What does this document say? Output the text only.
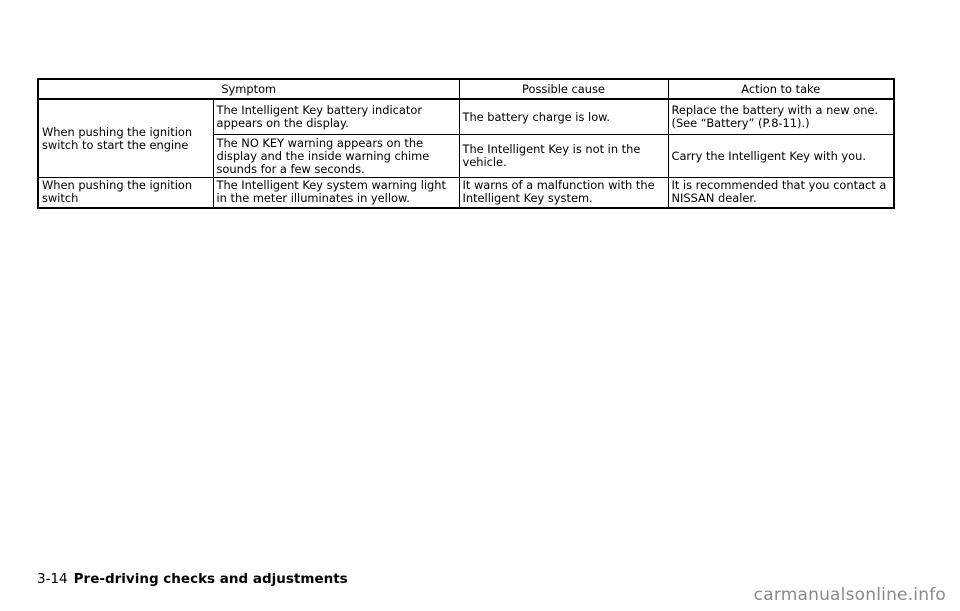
Symptom		Possible cause	Action to take
When pushing the ignition switch to start the engine	The Intelligent Key battery indicator appears on the display.	The battery charge is low.	Replace the battery with a new one. (See “Battery” (P.8-11).)
	The NO KEY warning appears on the display and the inside warning chime sounds for a few seconds.	The Intelligent Key is not in the vehicle.	Carry the Intelligent Key with you.
When pushing the ignition switch	The Intelligent Key system warning light in the meter illuminates in yellow.	It warns of a malfunction with the Intelligent Key system.	It is recommended that you contact a NISSAN dealer.
3-14 Pre-driving checks and adjustments
carmanualsonline.info
